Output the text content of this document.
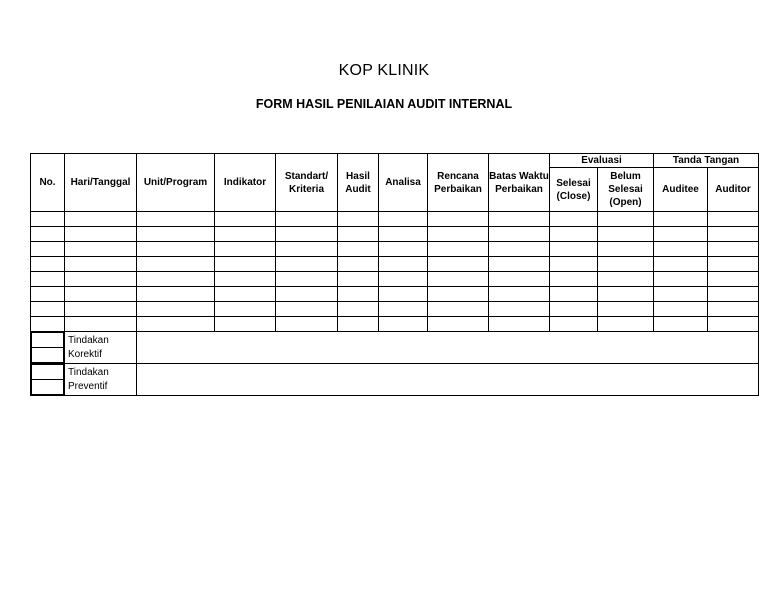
KOP KLINIK
FORM HASIL PENILAIAN AUDIT INTERNAL
No.	Hari/Tanggal	Unit/Program	Indikator	Standart/ Kriteria	Hasil Audit	Analisa	Rencana Perbaikan	Batas Waktu Perbaikan	Evaluasi	Tanda Tangan
Selesai (Close)	Belum Selesai (Open)	Auditee	Auditor

	Tindakan Korektif	

	Tindakan Preventif	
